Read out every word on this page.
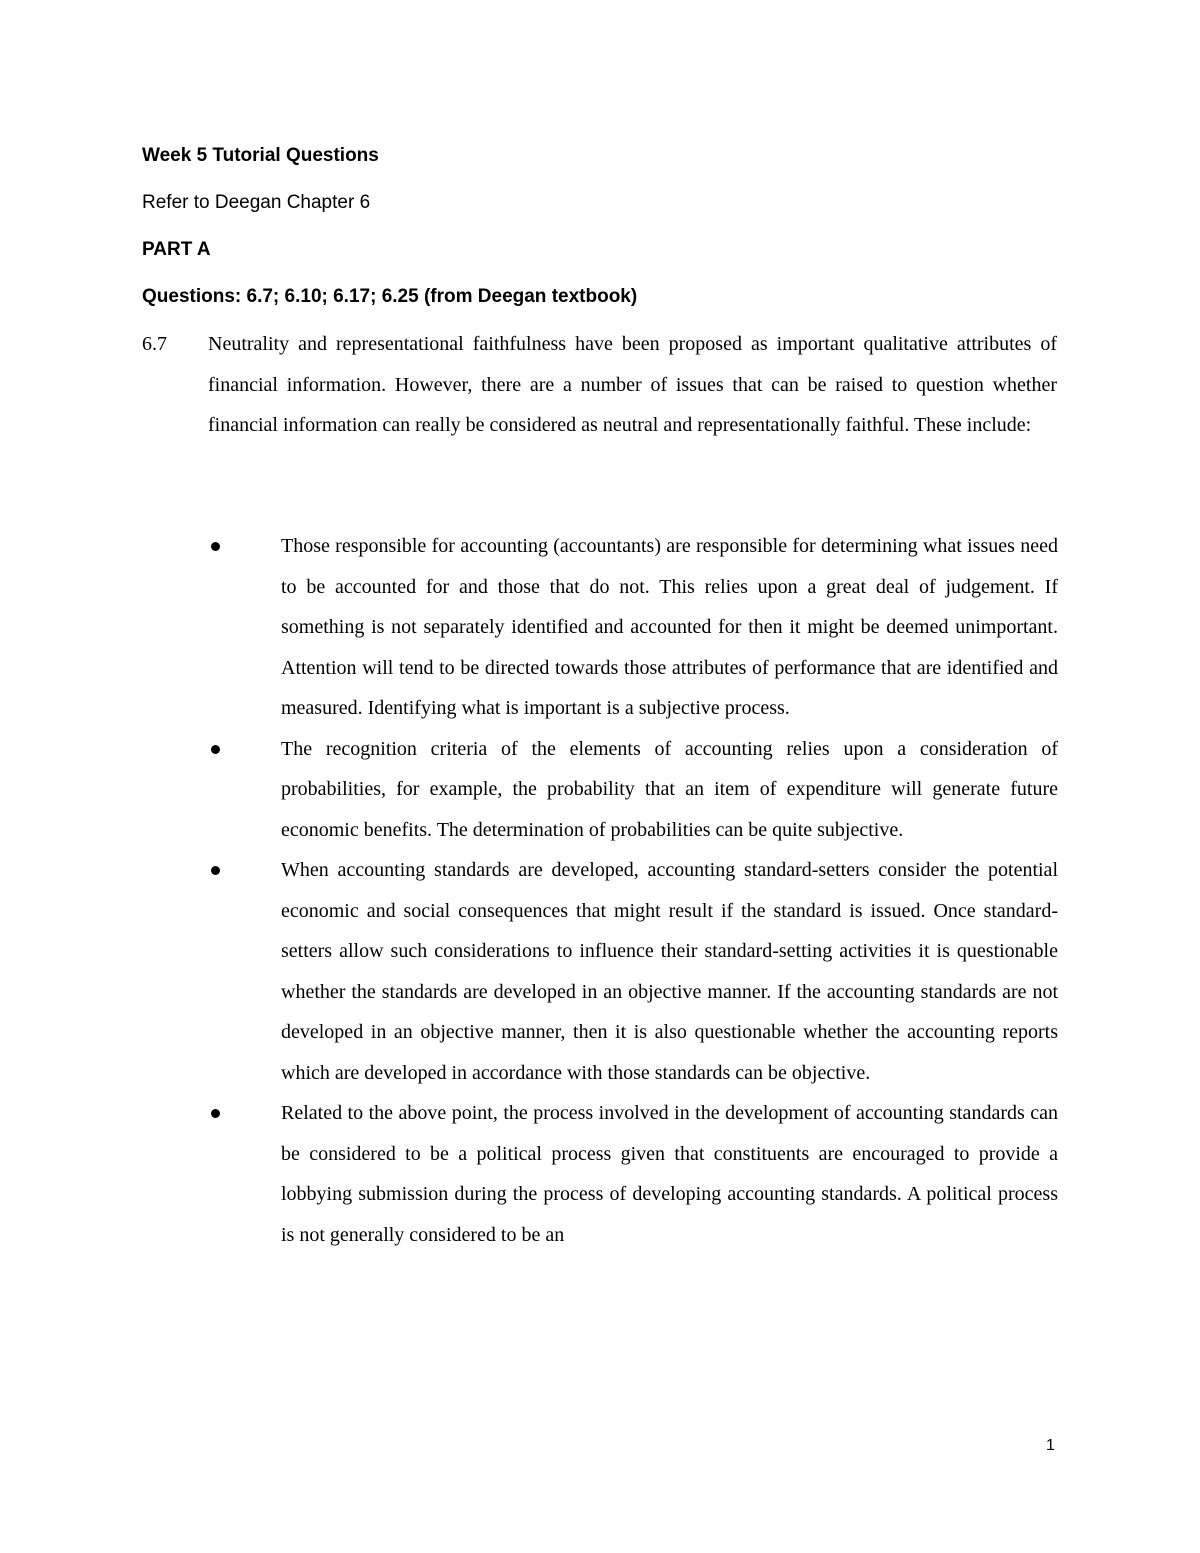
Week 5 Tutorial Questions
Refer to Deegan Chapter 6
PART A
Questions: 6.7; 6.10; 6.17; 6.25 (from Deegan textbook)
6.7 Neutrality and representational faithfulness have been proposed as important qualitative attributes of financial information. However, there are a number of issues that can be raised to question whether financial information can really be considered as neutral and representationally faithful. These include:

Those responsible for accounting (accountants) are responsible for determining what issues need to be accounted for and those that do not. This relies upon a great deal of judgement. If something is not separately identified and accounted for then it might be deemed unimportant. Attention will tend to be directed towards those attributes of performance that are identified and measured. Identifying what is important is a subjective process.
The recognition criteria of the elements of accounting relies upon a consideration of probabilities, for example, the probability that an item of expenditure will generate future economic benefits. The determination of probabilities can be quite subjective.
When accounting standards are developed, accounting standard-setters consider the potential economic and social consequences that might result if the standard is issued. Once standard-setters allow such considerations to influence their standard-setting activities it is questionable whether the standards are developed in an objective manner. If the accounting standards are not developed in an objective manner, then it is also questionable whether the accounting reports which are developed in accordance with those standards can be objective.
Related to the above point, the process involved in the development of accounting standards can be considered to be a political process given that constituents are encouraged to provide a lobbying submission during the process of developing accounting standards. A political process is not generally considered to be an
1
